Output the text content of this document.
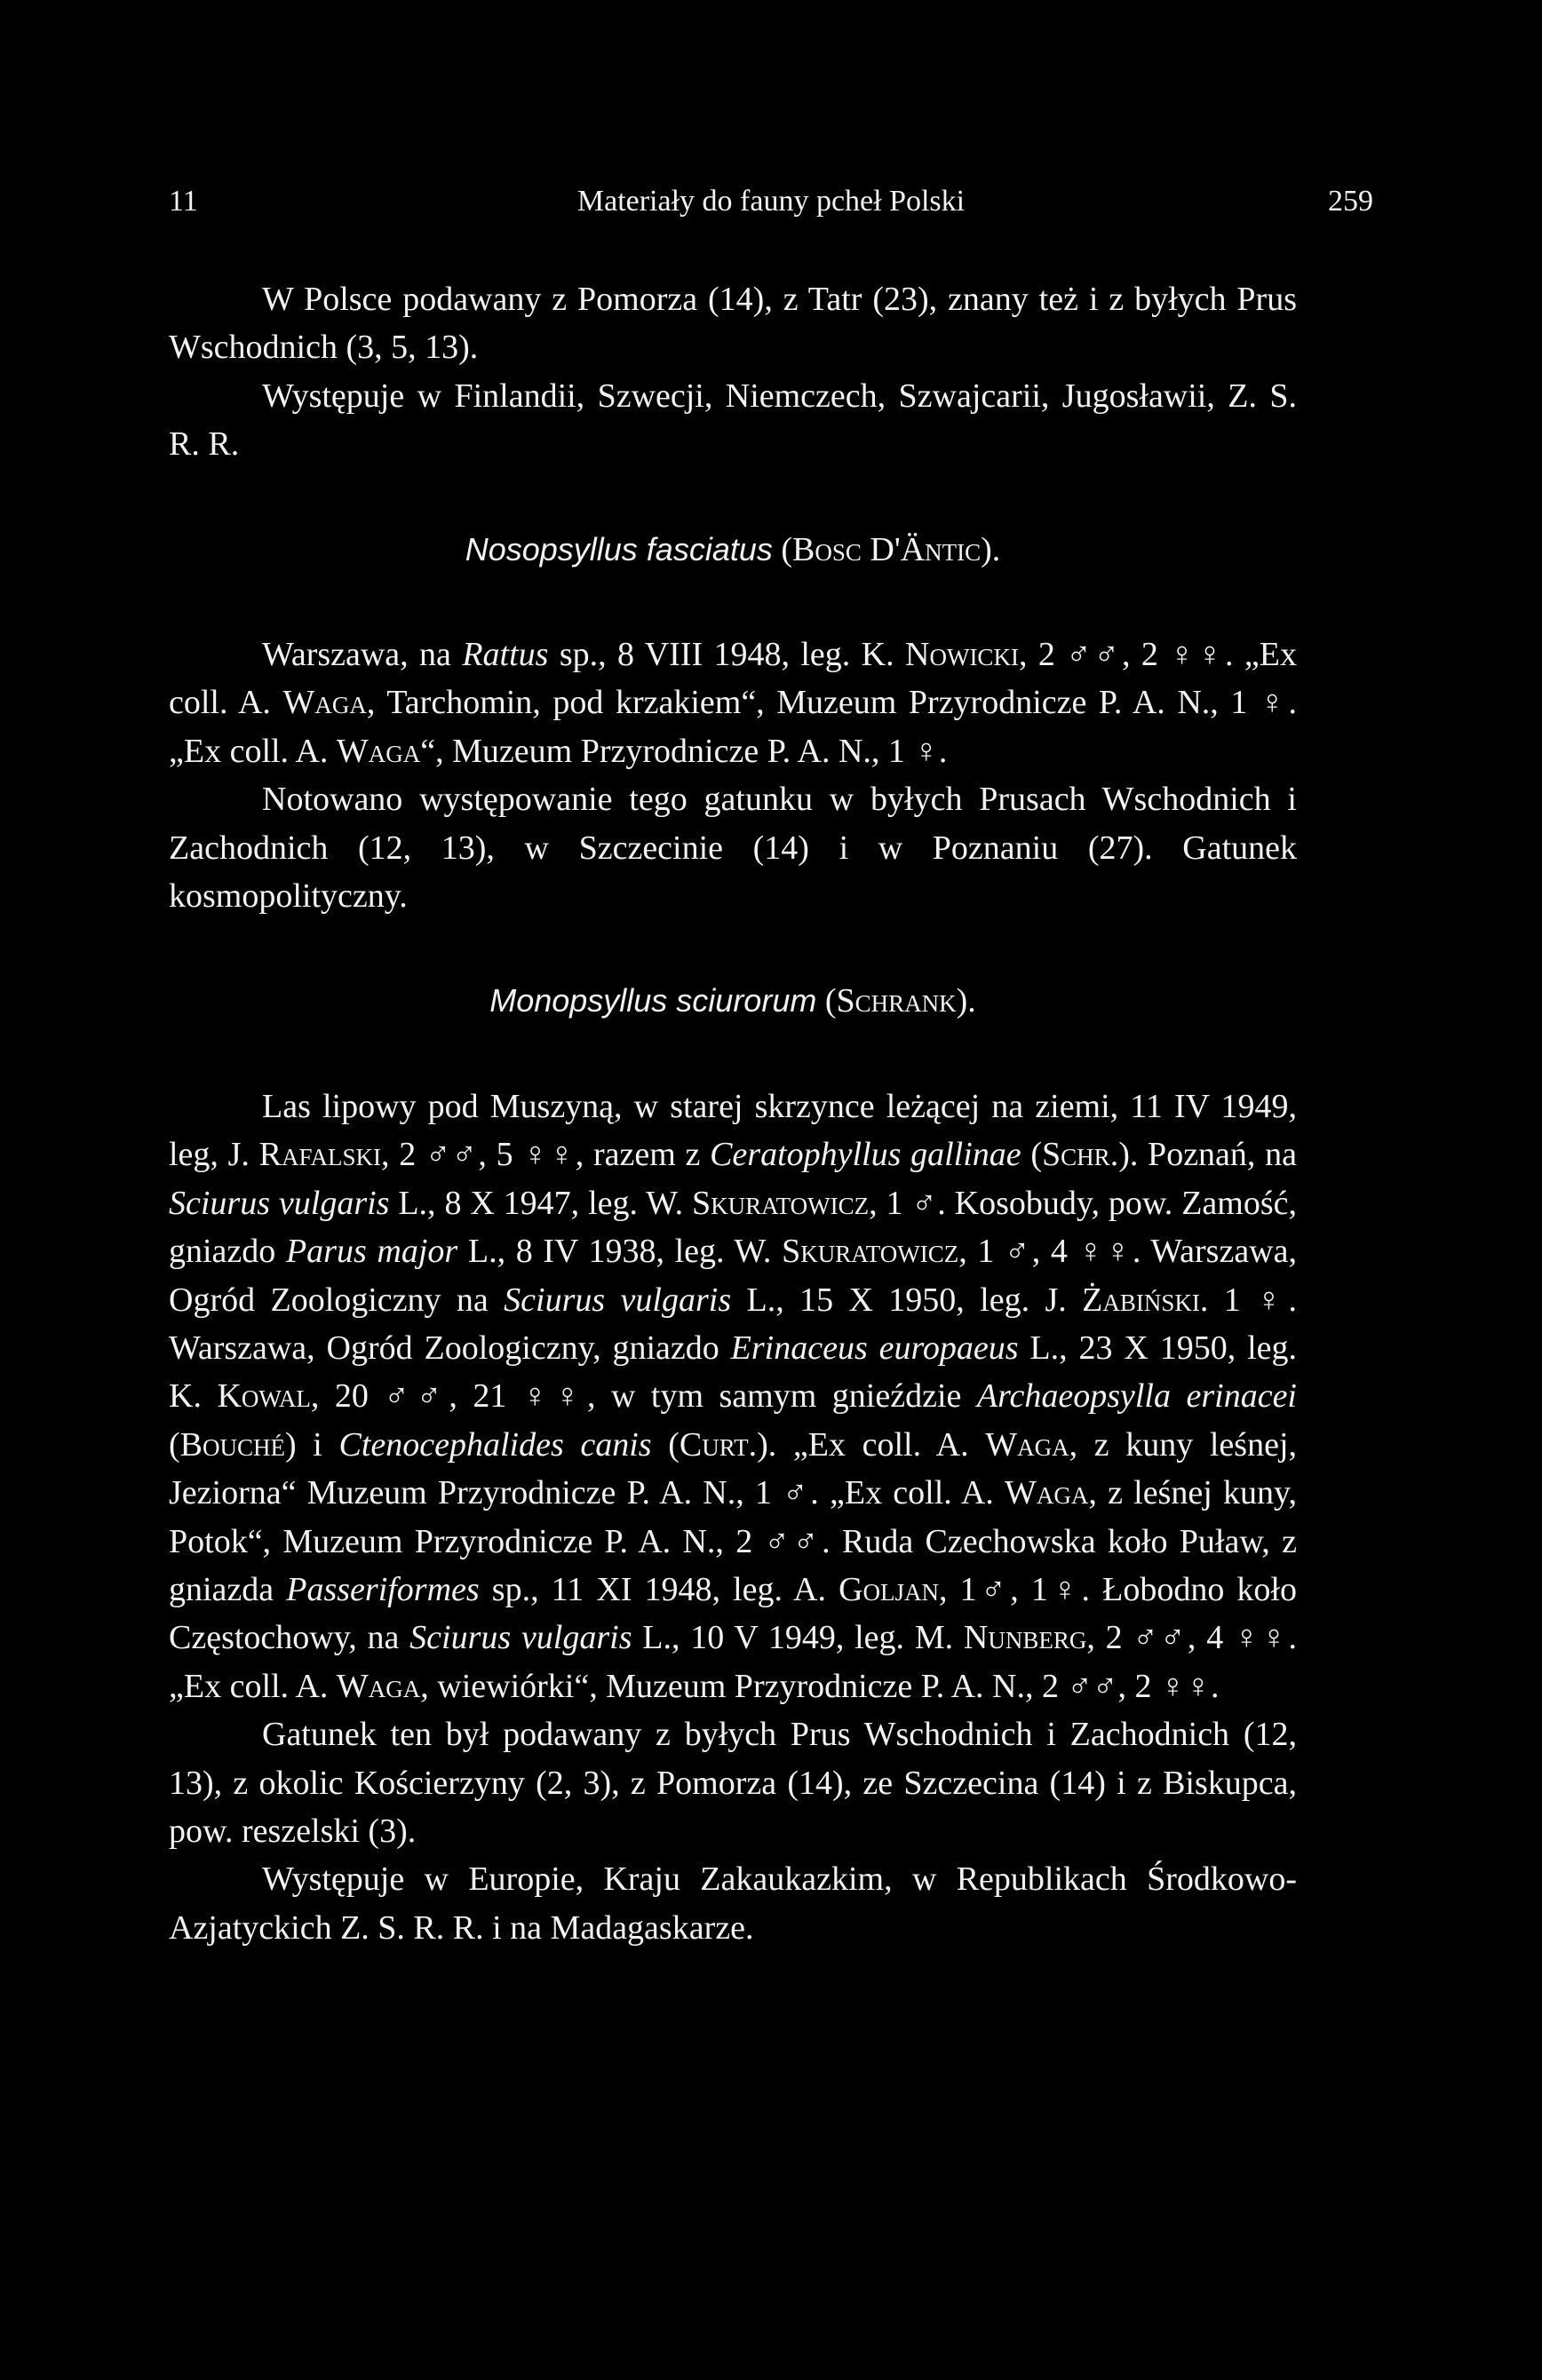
11	Materiały do fauny pcheł Polski	259

W Polsce podawany z Pomorza (14), z Tatr (23), znany też i z byłych Prus Wschodnich (3, 5, 13).

Występuje w Finlandii, Szwecji, Niemczech, Szwajcarii, Jugosławii, Z. S. R. R.

Nosopsyllus fasciatus (Bosc D'Äntic).

Warszawa, na Rattus sp., 8 VIII 1948, leg. K. Nowicki, 2 ♂♂, 2 ♀♀. „Ex coll. A. Waga, Tarchomin, pod krzakiem“, Muzeum Przyrodnicze P. A. N., 1 ♀. „Ex coll. A. Waga“, Muzeum Przyrodnicze P. A. N., 1 ♀.

Notowano występowanie tego gatunku w byłych Prusach Wschodnich i Zachodnich (12, 13), w Szczecinie (14) i w Poznaniu (27). Gatunek kosmopolityczny.

Monopsyllus sciurorum (Schrank).

Las lipowy pod Muszyną, w starej skrzynce leżącej na ziemi, 11 IV 1949, leg, J. Rafalski, 2 ♂♂, 5 ♀♀, razem z Ceratophyllus gallinae (Schr.). Poznań, na Sciurus vulgaris L., 8 X 1947, leg. W. Skuratowicz, 1 ♂. Kosobudy, pow. Zamość, gniazdo Parus major L., 8 IV 1938, leg. W. Skuratowicz, 1 ♂, 4 ♀♀. Warszawa, Ogród Zoologiczny na Sciurus vulgaris L., 15 X 1950, leg. J. Żabiński. 1 ♀. Warszawa, Ogród Zoologiczny, gniazdo Erinaceus europaeus L., 23 X 1950, leg. K. Kowal, 20 ♂♂, 21 ♀♀, w tym samym gnieździe Archaeopsylla erinacei (Bouché) i Ctenocephalides canis (Curt.). „Ex coll. A. Waga, z kuny leśnej, Jeziorna“ Muzeum Przyrodnicze P. A. N., 1 ♂. „Ex coll. A. Waga, z leśnej kuny, Potok“, Muzeum Przyrodnicze P. A. N., 2 ♂♂. Ruda Czechowska koło Puław, z gniazda Passeriformes sp., 11 XI 1948, leg. A. Goljan, 1♂, 1♀. Łobodno koło Częstochowy, na Sciurus vulgaris L., 10 V 1949, leg. M. Nunberg, 2 ♂♂, 4 ♀♀. „Ex coll. A. Waga, wiewiórki“, Muzeum Przyrodnicze P. A. N., 2 ♂♂, 2 ♀♀.

Gatunek ten był podawany z byłych Prus Wschodnich i Zachodnich (12, 13), z okolic Kościerzyny (2, 3), z Pomorza (14), ze Szczecina (14) i z Biskupca, pow. reszelski (3).

Występuje w Europie, Kraju Zakaukazkim, w Republikach Środkowo-Azjatyckich Z. S. R. R. i na Madagaskarze.
